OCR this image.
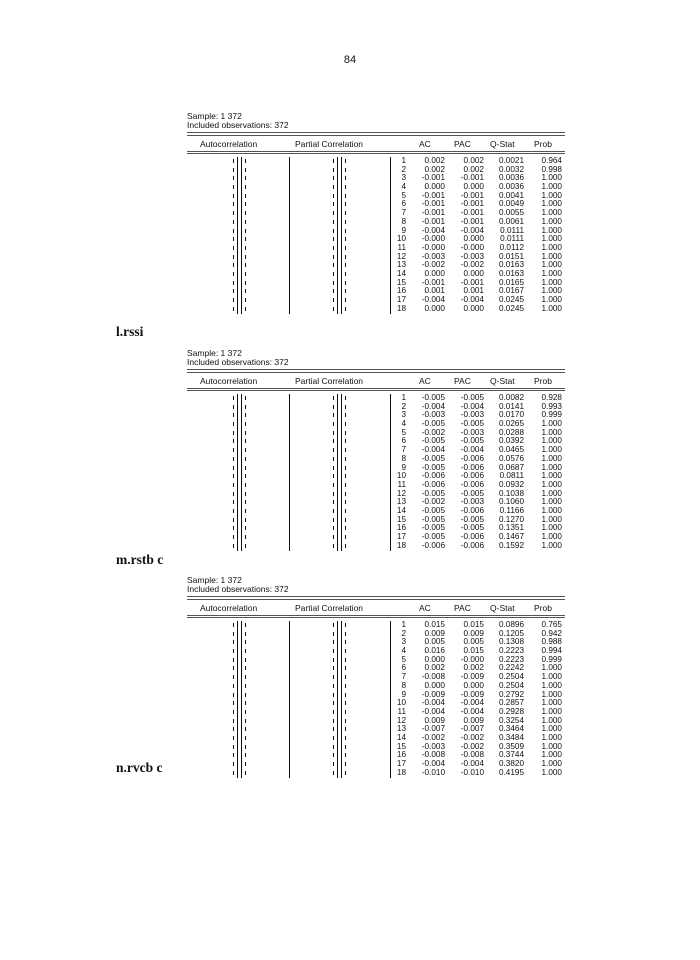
84
Sample: 1 372
Included observations: 372
Autocorrelation	Partial Correlation	AC	PAC Q-Stat Prob
1	0.002	0.002	0.0021	0.964
2	0.002	0.002	0.0032	0.998
3	-0.001	-0.001	0.0036	1.000
4	0.000	0.000	0.0036	1.000
5	-0.001	-0.001	0.0041	1.000
6	-0.001	-0.001	0.0049	1.000
7	-0.001	-0.001	0.0055	1.000
8	-0.001	-0.001	0.0061	1.000
9	-0.004	-0.004	0.0111	1.000
10	-0.000	0.000	0.0111	1.000
11	-0.000	-0.000	0.0112	1.000
12	-0.003	-0.003	0.0151	1.000
13	-0.002	-0.002	0.0163	1.000
14	0.000	0.000	0.0163	1.000
15	-0.001	-0.001	0.0165	1.000
16	0.001	0.001	0.0167	1.000
17	-0.004	-0.004	0.0245	1.000
18	0.000	0.000	0.0245	1.000
l.rssi
Sample: 1 372
Included observations: 372
Autocorrelation	Partial Correlation	AC	PAC Q-Stat Prob
1	-0.005	-0.005	0.0082	0.928
2	-0.004	-0.004	0.0141	0.993
3	-0.003	-0.003	0.0170	0.999
4	-0.005	-0.005	0.0265	1.000
5	-0.002	-0.003	0.0288	1.000
6	-0.005	-0.005	0.0392	1.000
7	-0.004	-0.004	0.0465	1.000
8	-0.005	-0.006	0.0576	1.000
9	-0.005	-0.006	0.0687	1.000
10	-0.006	-0.006	0.0811	1.000
11	-0.006	-0.006	0.0932	1.000
12	-0.005	-0.005	0.1038	1.000
13	-0.002	-0.003	0.1060	1.000
14	-0.005	-0.006	0.1166	1.000
15	-0.005	-0.005	0.1270	1.000
16	-0.005	-0.005	0.1351	1.000
17	-0.005	-0.006	0.1467	1.000
18	-0.006	-0.006	0.1592	1.000
m.rstb c
Sample: 1 372
Included observations: 372
Autocorrelation	Partial Correlation	AC	PAC Q-Stat Prob
1	0.015	0.015	0.0896	0.765
2	0.009	0.009	0.1205	0.942
3	0.005	0.005	0.1308	0.988
4	0.016	0.015	0.2223	0.994
5	0.000	-0.000	0.2223	0.999
6	0.002	0.002	0.2242	1.000
7	-0.008	-0.009	0.2504	1.000
8	0.000	0.000	0.2504	1.000
9	-0.009	-0.009	0.2792	1.000
10	-0.004	-0.004	0.2857	1.000
11	-0.004	-0.004	0.2928	1.000
12	0.009	0.009	0.3254	1.000
13	-0.007	-0.007	0.3464	1.000
14	-0.002	-0.002	0.3484	1.000
15	-0.003	-0.002	0.3509	1.000
16	-0.008	-0.008	0.3744	1.000
17	-0.004	-0.004	0.3820	1.000
18	-0.010	-0.010	0.4195	1.000
n.rvcb c
